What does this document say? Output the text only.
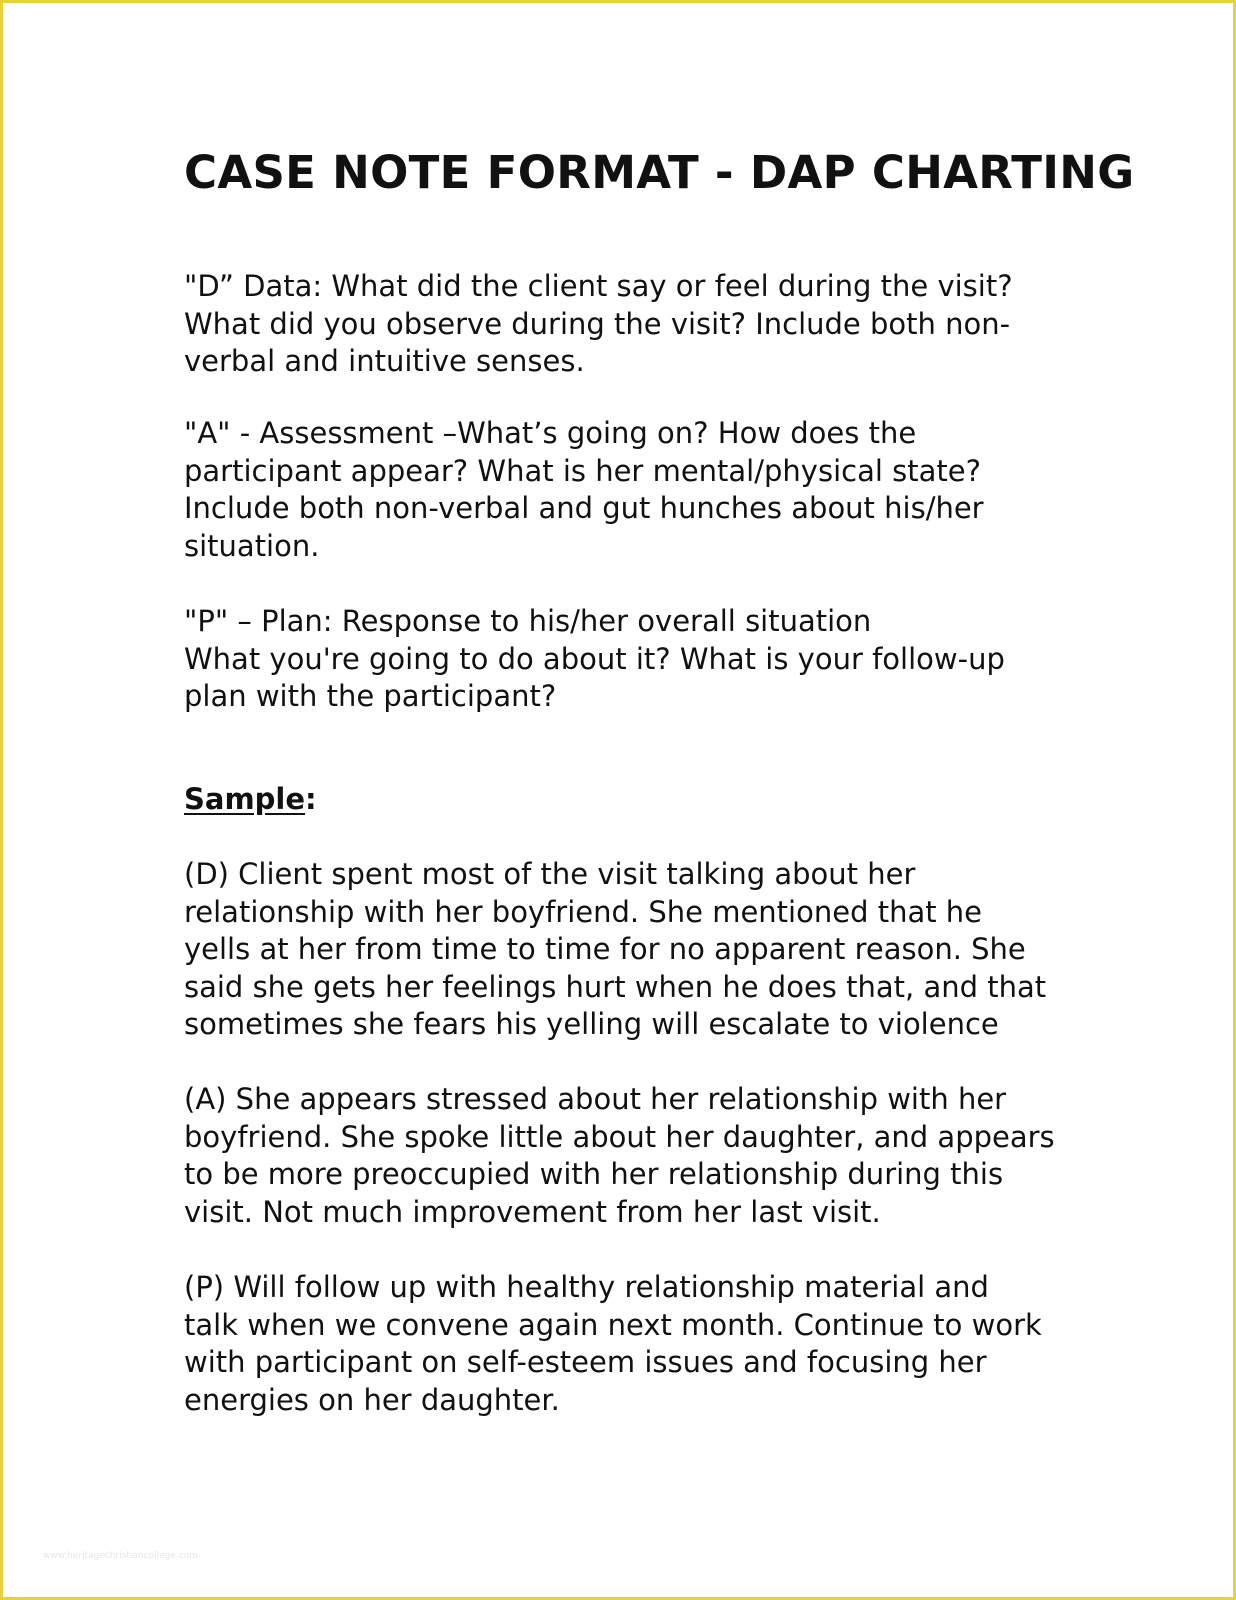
CASE NOTE FORMAT - DAP CHARTING

"D” Data: What did the client say or feel during the visit?
What did you observe during the visit? Include both non-
verbal and intuitive senses.

"A" - Assessment –What’s going on? How does the
participant appear? What is her mental/physical state?
Include both non-verbal and gut hunches about his/her
situation.

"P" – Plan: Response to his/her overall situation
What you're going to do about it? What is your follow-up
plan with the participant?

Sample:

(D) Client spent most of the visit talking about her
relationship with her boyfriend. She mentioned that he
yells at her from time to time for no apparent reason. She
said she gets her feelings hurt when he does that, and that
sometimes she fears his yelling will escalate to violence

(A) She appears stressed about her relationship with her
boyfriend. She spoke little about her daughter, and appears
to be more preoccupied with her relationship during this
visit. Not much improvement from her last visit.

(P) Will follow up with healthy relationship material and
talk when we convene again next month. Continue to work
with participant on self-esteem issues and focusing her
energies on her daughter.

www.heritagechristiancollege.com
